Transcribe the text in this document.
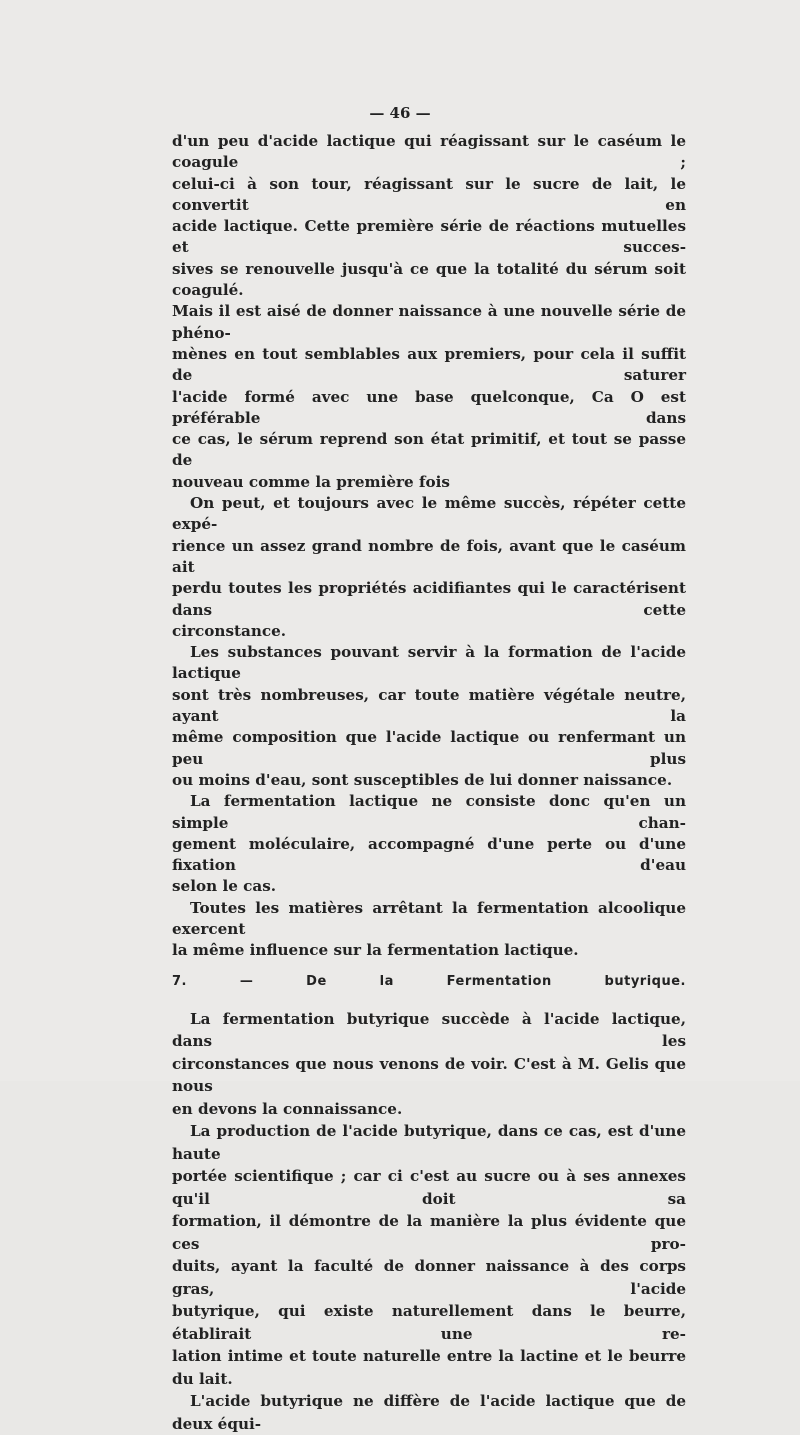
— 46 —

d'un peu d'acide lactique qui réagissant sur le caséum le coagule ;
celui-ci à son tour, réagissant sur le sucre de lait, le convertit en
acide lactique. Cette première série de réactions mutuelles et succes-
sives se renouvelle jusqu'à ce que la totalité du sérum soit coagulé.
Mais il est aisé de donner naissance à une nouvelle série de phéno-
mènes en tout semblables aux premiers, pour cela il suffit de saturer
l'acide formé avec une base quelconque, Ca O est préférable dans
ce cas, le sérum reprend son état primitif, et tout se passe de
nouveau comme la première fois

On peut, et toujours avec le même succès, répéter cette expé-
rience un assez grand nombre de fois, avant que le caséum ait
perdu toutes les propriétés acidifiantes qui le caractérisent dans cette
circonstance.

Les substances pouvant servir à la formation de l'acide lactique
sont très nombreuses, car toute matière végétale neutre, ayant la
même composition que l'acide lactique ou renfermant un peu plus
ou moins d'eau, sont susceptibles de lui donner naissance.

La fermentation lactique ne consiste donc qu'en un simple chan-
gement moléculaire, accompagné d'une perte ou d'une fixation d'eau
selon le cas.

Toutes les matières arrêtant la fermentation alcoolique exercent
la même influence sur la fermentation lactique.

7. — De la Fermentation butyrique.

La fermentation butyrique succède à l'acide lactique, dans les
circonstances que nous venons de voir. C'est à M. Gelis que nous
en devons la connaissance.

La production de l'acide butyrique, dans ce cas, est d'une haute
portée scientifique ; car ci c'est au sucre ou à ses annexes qu'il doit sa
formation, il démontre de la manière la plus évidente que ces pro-
duits, ayant la faculté de donner naissance à des corps gras, l'acide
butyrique, qui existe naturellement dans le beurre, établirait une re-
lation intime et toute naturelle entre la lactine et le beurre du lait.

L'acide butyrique ne diffère de l'acide lactique que de deux équi-
